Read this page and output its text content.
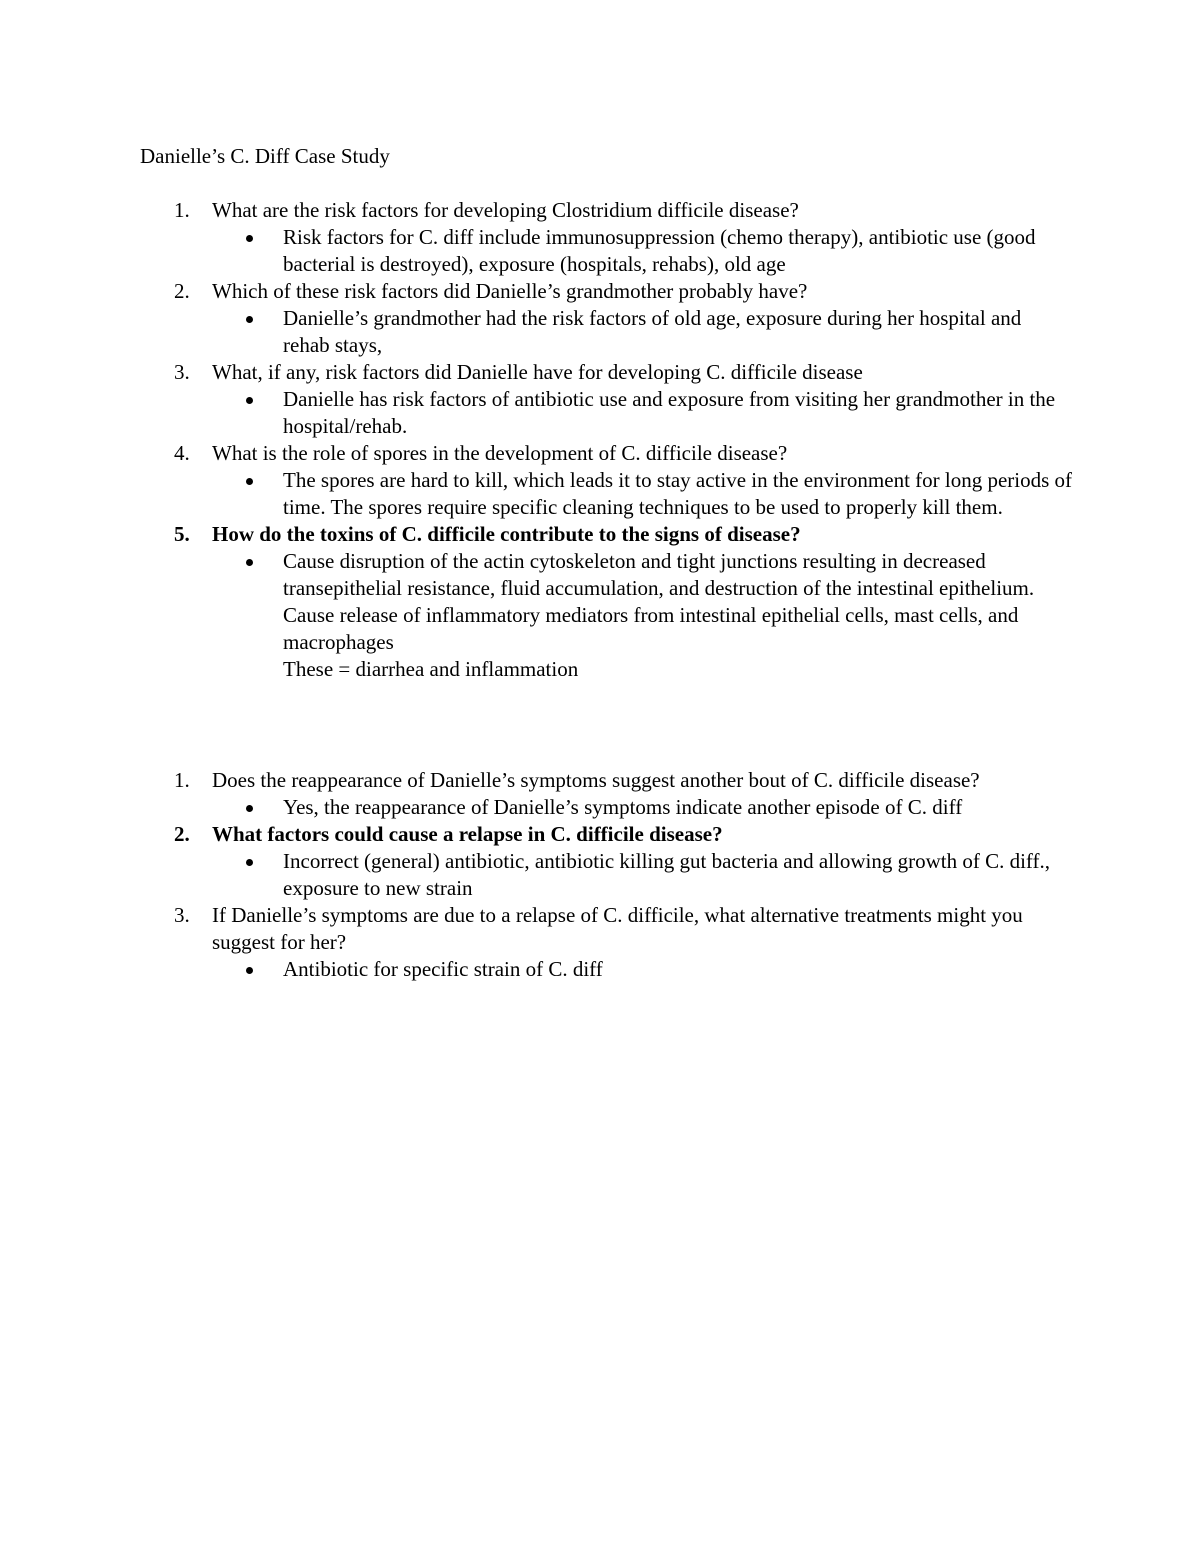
Danielle’s C. Diff Case Study
1. What are the risk factors for developing Clostridium difficile disease?
Risk factors for C. diff include immunosuppression (chemo therapy), antibiotic use (good bacterial is destroyed), exposure (hospitals, rehabs), old age
2. Which of these risk factors did Danielle’s grandmother probably have?
Danielle’s grandmother had the risk factors of old age, exposure during her hospital and rehab stays,
3. What, if any, risk factors did Danielle have for developing C. difficile disease
Danielle has risk factors of antibiotic use and exposure from visiting her grandmother in the hospital/rehab.
4. What is the role of spores in the development of C. difficile disease?
The spores are hard to kill, which leads it to stay active in the environment for long periods of time. The spores require specific cleaning techniques to be used to properly kill them.
5. How do the toxins of C. difficile contribute to the signs of disease?
Cause disruption of the actin cytoskeleton and tight junctions resulting in decreased transepithelial resistance, fluid accumulation, and destruction of the intestinal epithelium. Cause release of inflammatory mediators from intestinal epithelial cells, mast cells, and macrophages
These = diarrhea and inflammation
1. Does the reappearance of Danielle’s symptoms suggest another bout of C. difficile disease?
Yes, the reappearance of Danielle’s symptoms indicate another episode of C. diff
2. What factors could cause a relapse in C. difficile disease?
Incorrect (general) antibiotic, antibiotic killing gut bacteria and allowing growth of C. diff., exposure to new strain
3. If Danielle’s symptoms are due to a relapse of C. difficile, what alternative treatments might you suggest for her?
Antibiotic for specific strain of C. diff
